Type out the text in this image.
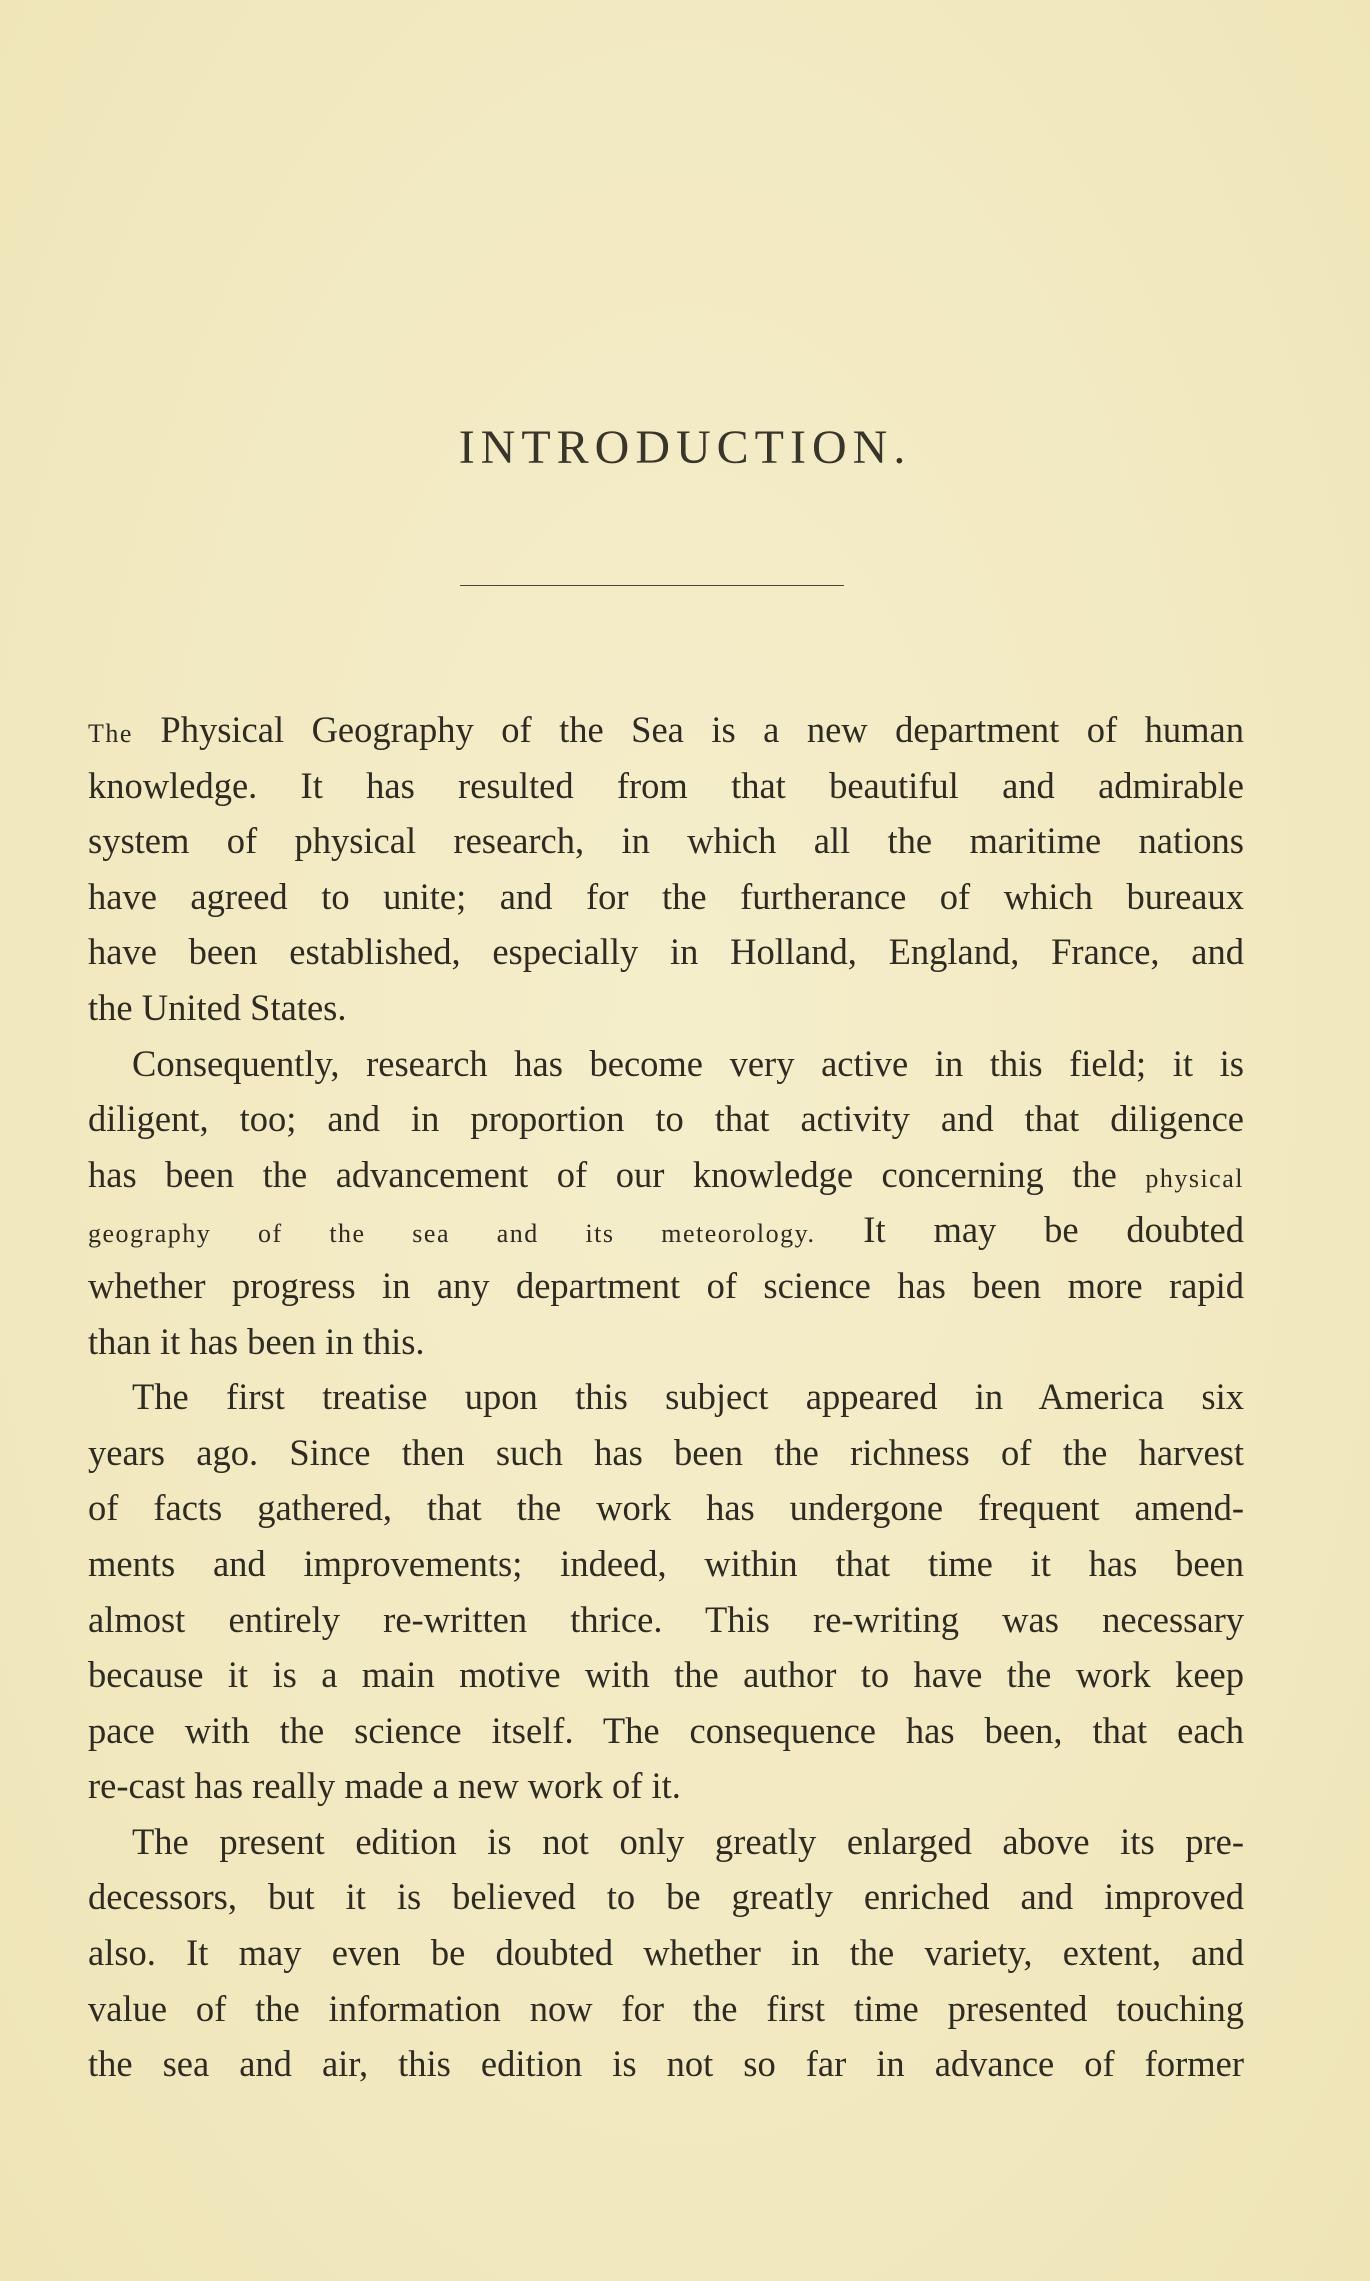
INTRODUCTION.
The Physical Geography of the Sea is a new department of human
knowledge. It has resulted from that beautiful and admirable
system of physical research, in which all the maritime nations
have agreed to unite; and for the furtherance of which bureaux
have been established, especially in Holland, England, France, and
the United States.
Consequently, research has become very active in this field; it is
diligent, too; and in proportion to that activity and that diligence
has been the advancement of our knowledge concerning the physical
geography of the sea and its meteorology. It may be doubted
whether progress in any department of science has been more rapid
than it has been in this.
The first treatise upon this subject appeared in America six
years ago. Since then such has been the richness of the harvest
of facts gathered, that the work has undergone frequent amend-
ments and improvements; indeed, within that time it has been
almost entirely re-written thrice. This re-writing was necessary
because it is a main motive with the author to have the work keep
pace with the science itself. The consequence has been, that each
re-cast has really made a new work of it.
The present edition is not only greatly enlarged above its pre-
decessors, but it is believed to be greatly enriched and improved
also. It may even be doubted whether in the variety, extent, and
value of the information now for the first time presented touching
the sea and air, this edition is not so far in advance of former
